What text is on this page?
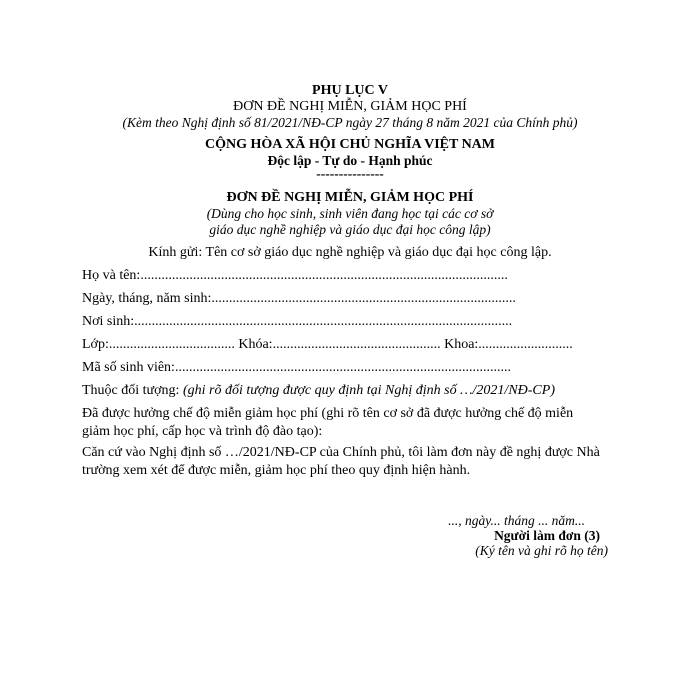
PHỤ LỤC V
ĐƠN ĐỀ NGHỊ MIỄN, GIẢM HỌC PHÍ
(Kèm theo Nghị định số 81/2021/NĐ-CP ngày 27 tháng 8 năm 2021 của Chính phủ)
CỘNG HÒA XÃ HỘI CHỦ NGHĨA VIỆT NAM
Độc lập - Tự do - Hạnh phúc
---------------
ĐƠN ĐỀ NGHỊ MIỄN, GIẢM HỌC PHÍ
(Dùng cho học sinh, sinh viên đang học tại các cơ sở
giáo dục nghề nghiệp và giáo dục đại học công lập)
Kính gửi: Tên cơ sở giáo dục nghề nghiệp và giáo dục đại học công lập.
Họ và tên:.........................................................................................................
Ngày, tháng, năm sinh:.......................................................................................
Nơi sinh:............................................................................................................
Lớp:.................................... Khóa:................................................ Khoa:...........................
Mã số sinh viên:................................................................................................
Thuộc đối tượng: (ghi rõ đối tượng được quy định tại Nghị định số …/2021/NĐ-CP)
Đã được hưởng chế độ miễn giảm học phí (ghi rõ tên cơ sở đã được hưởng chế độ miễn giảm học phí, cấp học và trình độ đào tạo):
Căn cứ vào Nghị định số …/2021/NĐ-CP của Chính phủ, tôi làm đơn này đề nghị được Nhà trường xem xét để được miễn, giảm học phí theo quy định hiện hành.
..., ngày... tháng ... năm...
Người làm đơn (3)
(Ký tên và ghi rõ họ tên)
